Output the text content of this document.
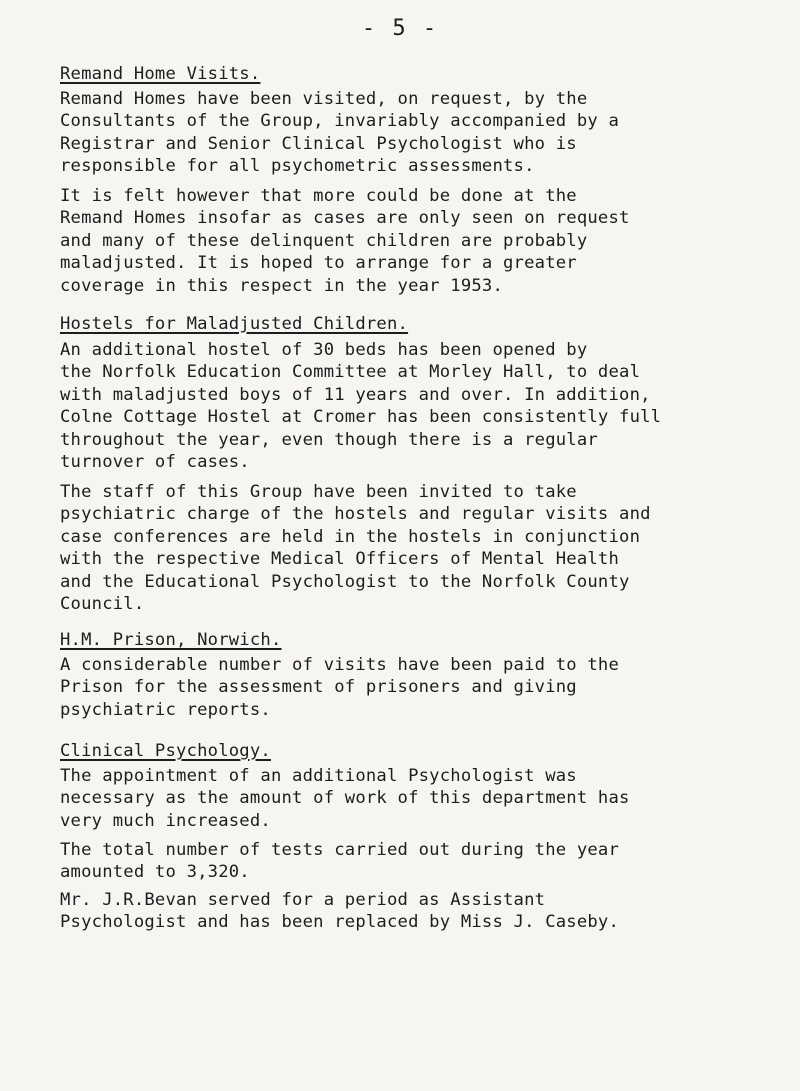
- 5 -
Remand Home Visits.
Remand Homes have been visited, on request, by the
Consultants of the Group, invariably accompanied by a
Registrar and Senior Clinical Psychologist who is
responsible for all psychometric assessments.
It is felt however that more could be done at the
Remand Homes insofar as cases are only seen on request
and many of these delinquent children are probably
maladjusted. It is hoped to arrange for a greater
coverage in this respect in the year 1953.
Hostels for Maladjusted Children.
An additional hostel of 30 beds has been opened by
the Norfolk Education Committee at Morley Hall, to deal
with maladjusted boys of 11 years and over. In addition,
Colne Cottage Hostel at Cromer has been consistently full
throughout the year, even though there is a regular
turnover of cases.
The staff of this Group have been invited to take
psychiatric charge of the hostels and regular visits and
case conferences are held in the hostels in conjunction
with the respective Medical Officers of Mental Health
and the Educational Psychologist to the Norfolk County
Council.
H.M. Prison, Norwich.
A considerable number of visits have been paid to the
Prison for the assessment of prisoners and giving
psychiatric reports.
Clinical Psychology.
The appointment of an additional Psychologist was
necessary as the amount of work of this department has
very much increased.
The total number of tests carried out during the year
amounted to 3,320.
Mr. J.R.Bevan served for a period as Assistant
Psychologist and has been replaced by Miss J. Caseby.
